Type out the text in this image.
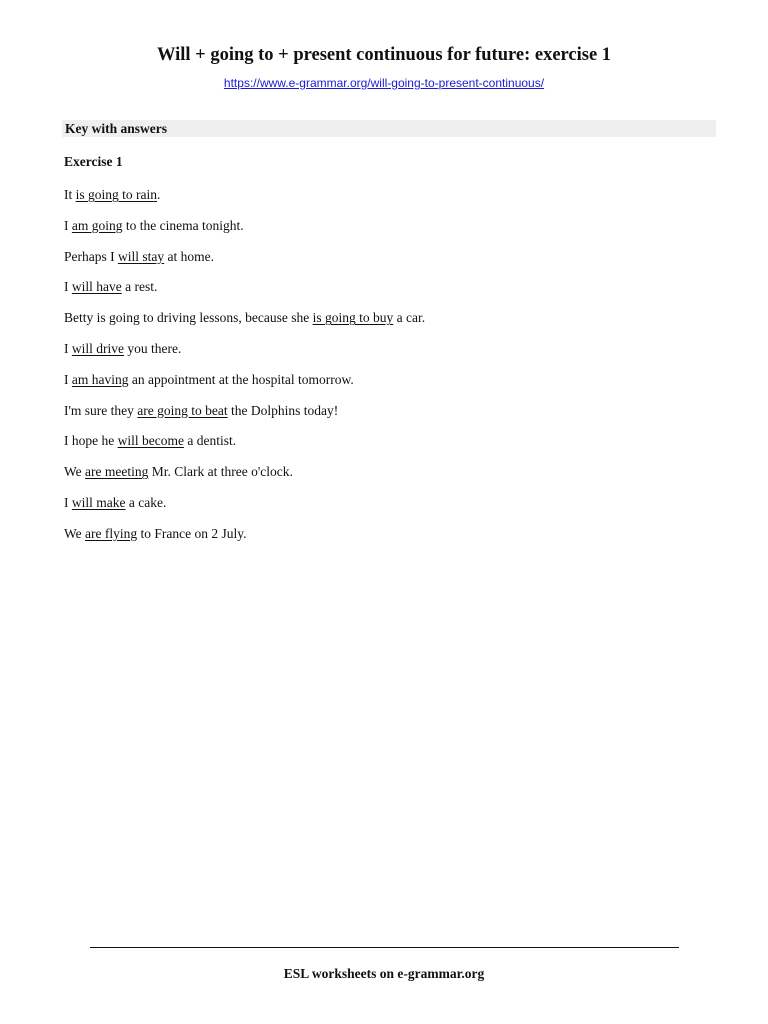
Will + going to + present continuous for future: exercise 1
https://www.e-grammar.org/will-going-to-present-continuous/
Key with answers
Exercise 1
It is going to rain.
I am going to the cinema tonight.
Perhaps I will stay at home.
I will have a rest.
Betty is going to driving lessons, because she is going to buy a car.
I will drive you there.
I am having an appointment at the hospital tomorrow.
I'm sure they are going to beat the Dolphins today!
I hope he will become a dentist.
We are meeting Mr. Clark at three o'clock.
I will make a cake.
We are flying to France on 2 July.
ESL worksheets on e-grammar.org
